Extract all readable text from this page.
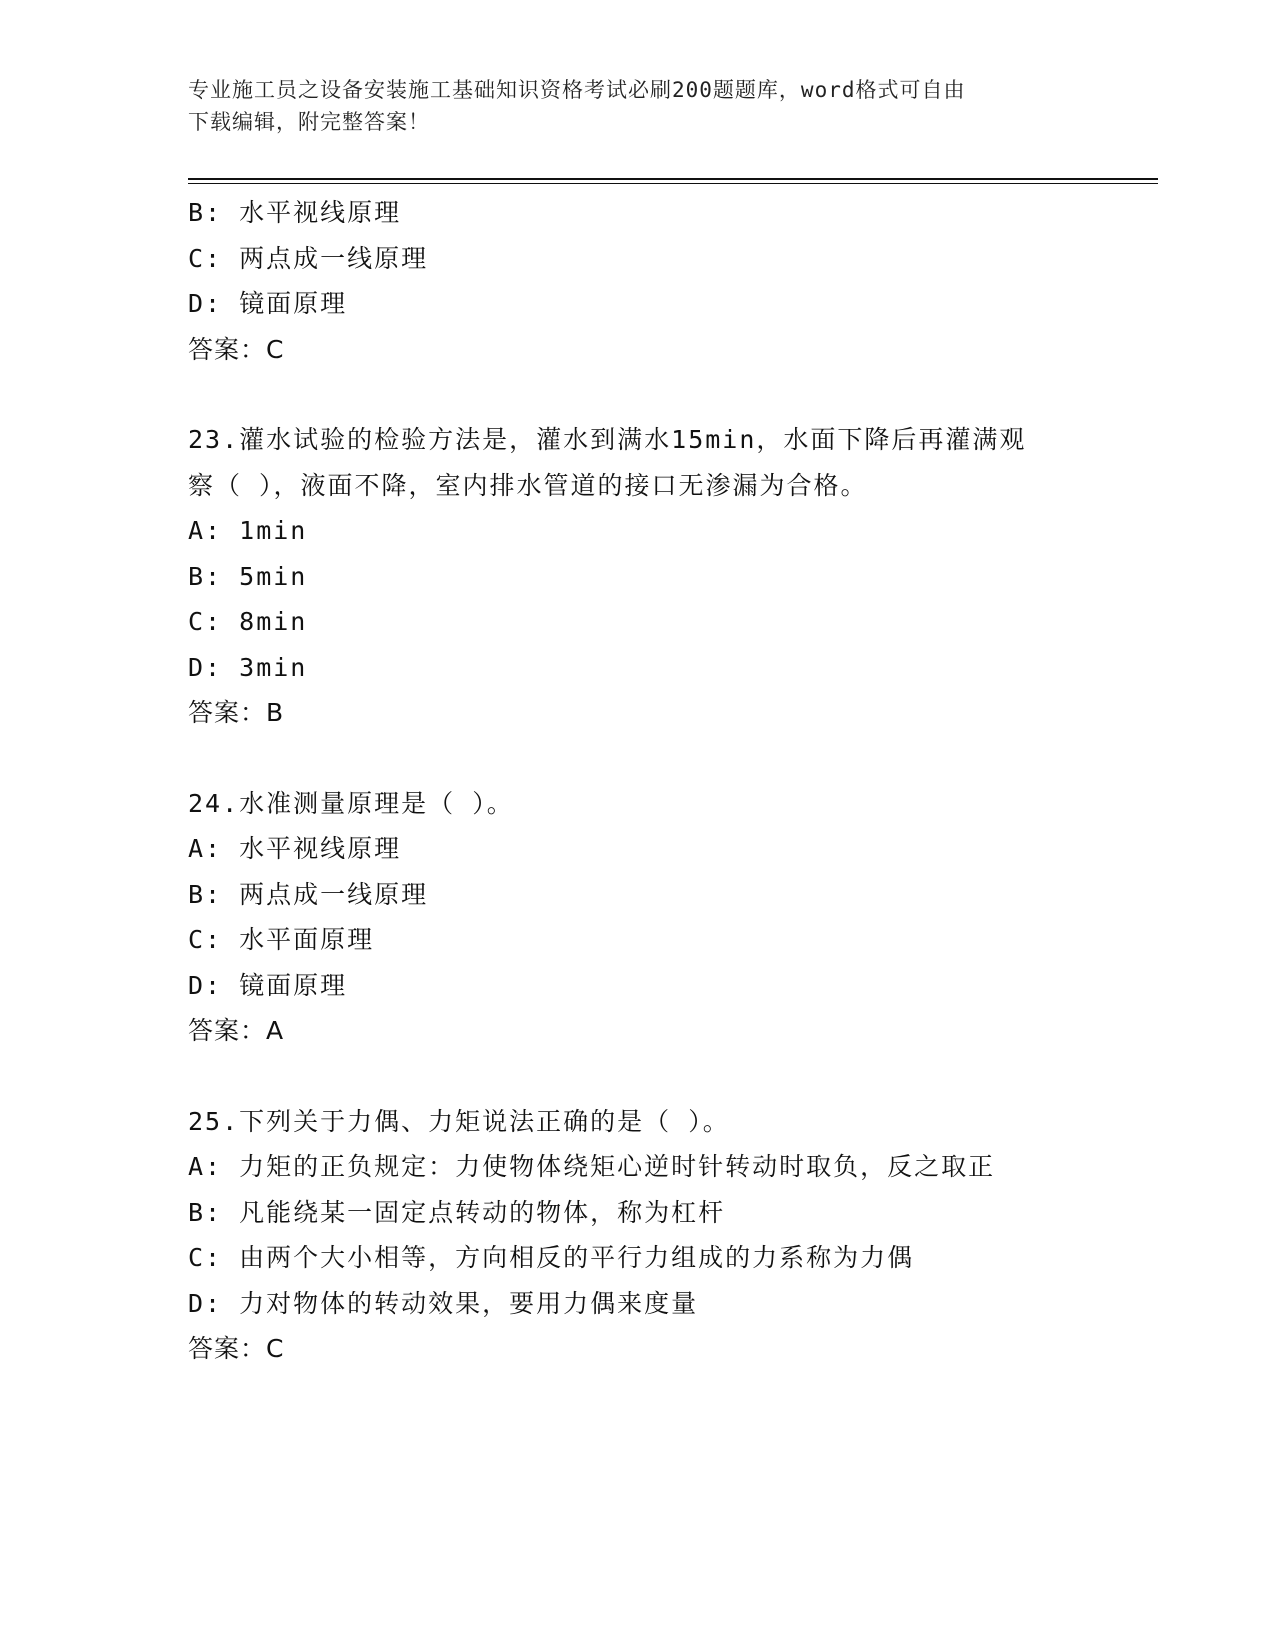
专业施工员之设备安装施工基础知识资格考试必刷200题题库，word格式可自由
下载编辑，附完整答案！
B: 水平视线原理
C: 两点成一线原理
D: 镜面原理
答案：C
23.灌水试验的检验方法是，灌水到满水15min，水面下降后再灌满观
察（ ），液面不降，室内排水管道的接口无渗漏为合格。
A: 1min
B: 5min
C: 8min
D: 3min
答案：B
24.水准测量原理是（ ）。
A: 水平视线原理
B: 两点成一线原理
C: 水平面原理
D: 镜面原理
答案：A
25.下列关于力偶、力矩说法正确的是（ ）。
A: 力矩的正负规定：力使物体绕矩心逆时针转动时取负，反之取正
B: 凡能绕某一固定点转动的物体，称为杠杆
C: 由两个大小相等，方向相反的平行力组成的力系称为力偶
D: 力对物体的转动效果，要用力偶来度量
答案：C
